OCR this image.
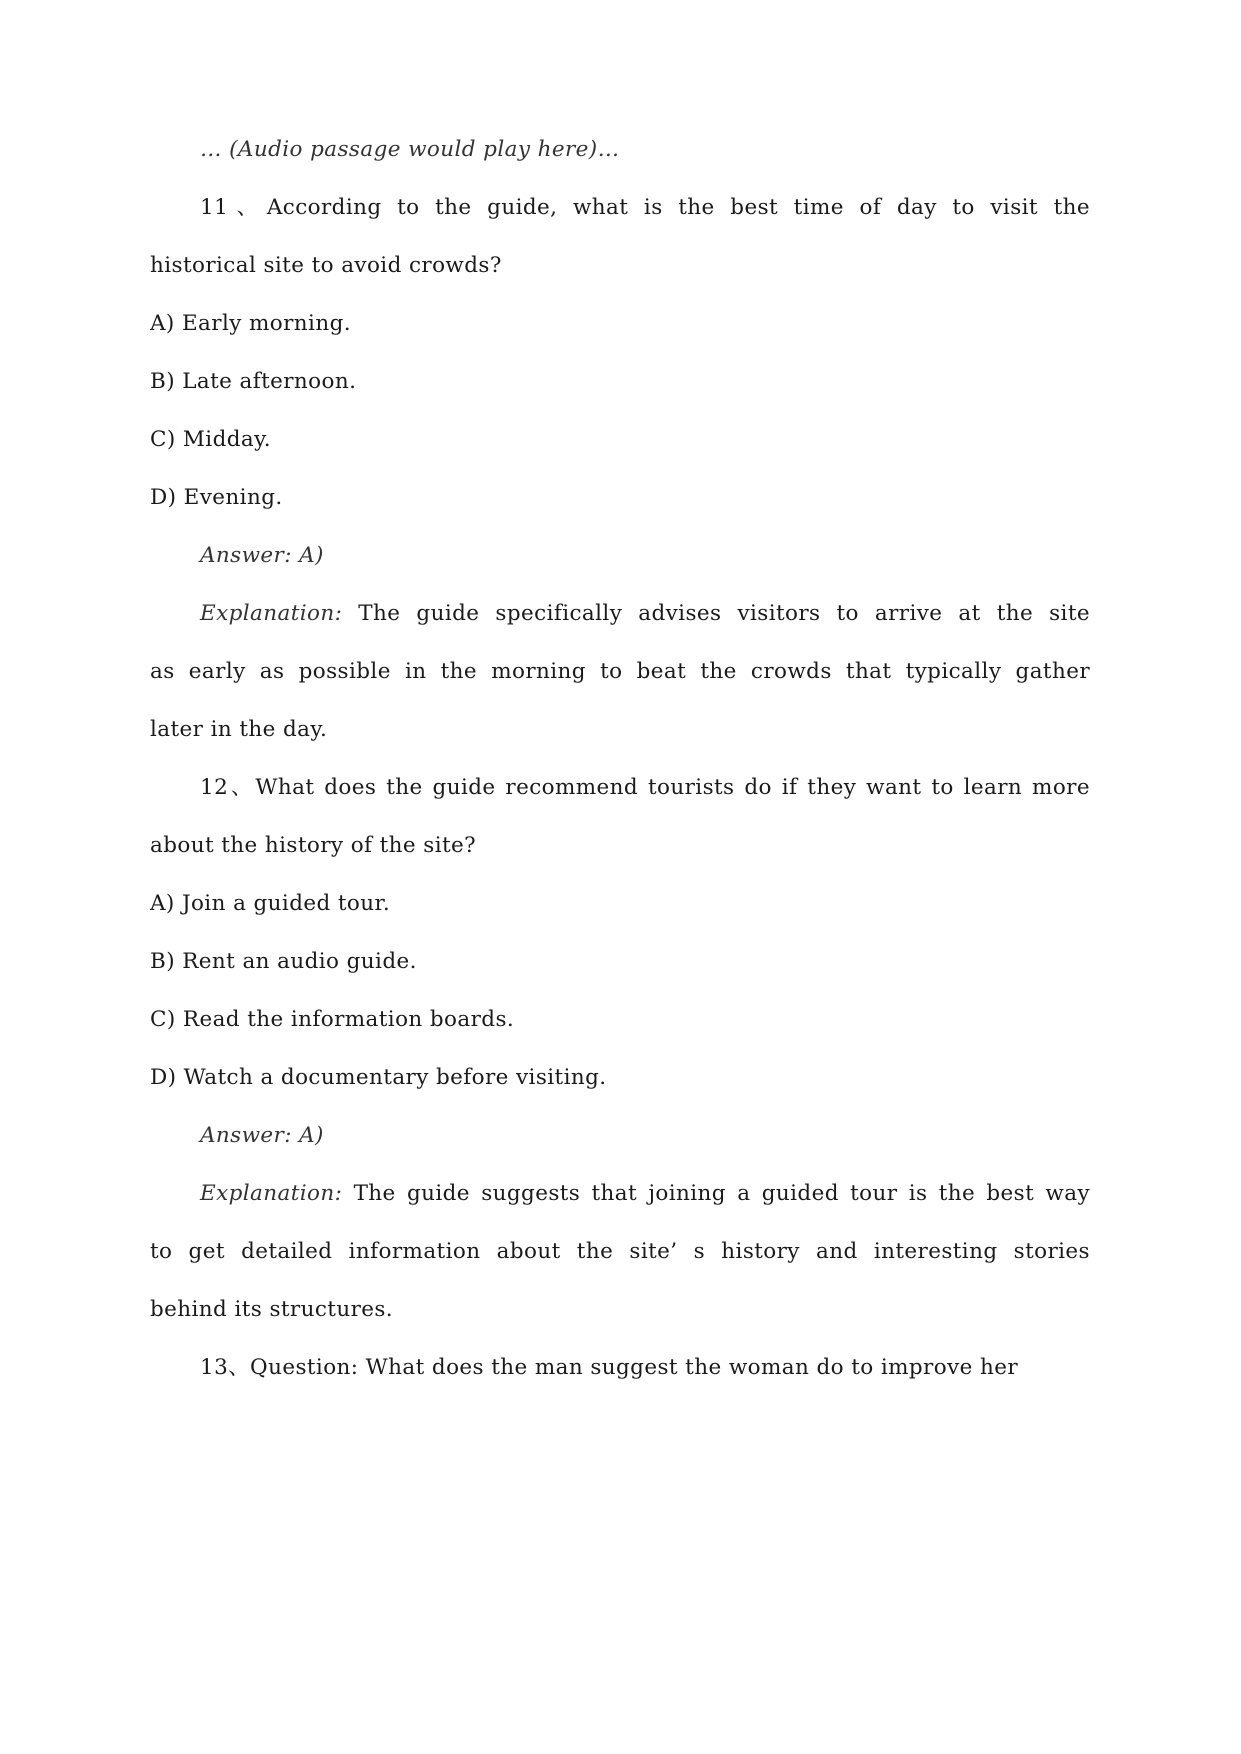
… (Audio passage would play here)…
11、According to the guide, what is the best time of day to visit the
historical site to avoid crowds?
A) Early morning.
B) Late afternoon.
C) Midday.
D) Evening.
Answer: A)
Explanation: The guide specifically advises visitors to arrive at the site
as early as possible in the morning to beat the crowds that typically gather
later in the day.
12、What does the guide recommend tourists do if they want to learn more
about the history of the site?
A) Join a guided tour.
B) Rent an audio guide.
C) Read the information boards.
D) Watch a documentary before visiting.
Answer: A)
Explanation: The guide suggests that joining a guided tour is the best way
to get detailed information about the site’ s history and interesting stories
behind its structures.
13、Question: What does the man suggest the woman do to improve her
